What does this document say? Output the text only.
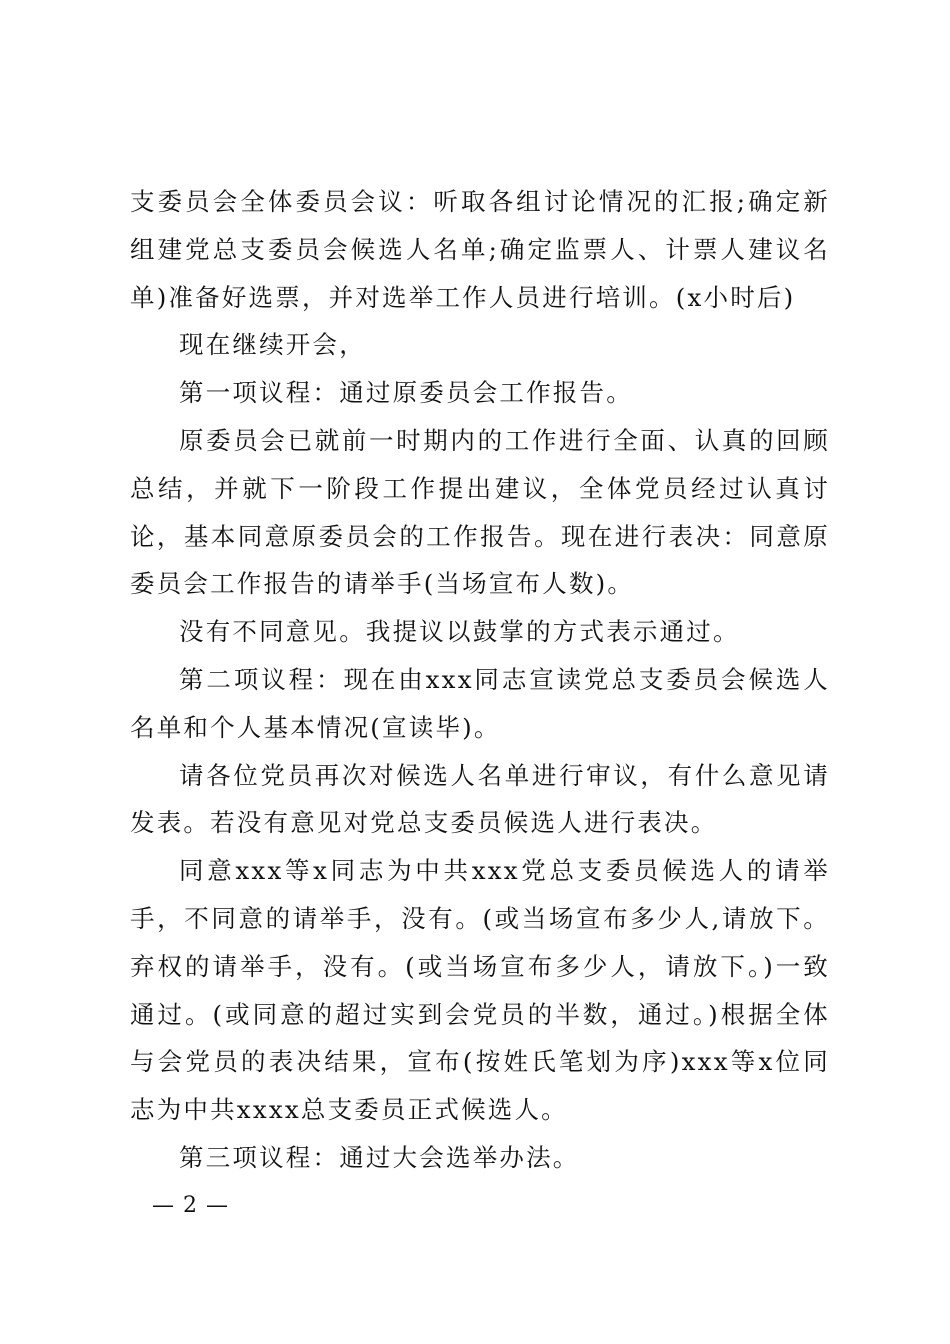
支委员会全体委员会议：听取各组讨论情况的汇报;确定新组建党总支委员会候选人名单;确定监票人、计票人建议名单)准备好选票，并对选举工作人员进行培训。(x小时后)

现在继续开会，

第一项议程：通过原委员会工作报告。

原委员会已就前一时期内的工作进行全面、认真的回顾总结，并就下一阶段工作提出建议，全体党员经过认真讨论，基本同意原委员会的工作报告。现在进行表决：同意原委员会工作报告的请举手(当场宣布人数)。

没有不同意见。我提议以鼓掌的方式表示通过。

第二项议程：现在由xxx同志宣读党总支委员会候选人名单和个人基本情况(宣读毕)。

请各位党员再次对候选人名单进行审议，有什么意见请发表。若没有意见对党总支委员候选人进行表决。

同意xxx等x同志为中共xxx党总支委员候选人的请举手，不同意的请举手，没有。(或当场宣布多少人,请放下。弃权的请举手，没有。(或当场宣布多少人，请放下。)一致通过。(或同意的超过实到会党员的半数，通过。)根据全体与会党员的表决结果，宣布(按姓氏笔划为序)xxx等x位同志为中共xxxx总支委员正式候选人。

第三项议程：通过大会选举办法。

— 2 —
